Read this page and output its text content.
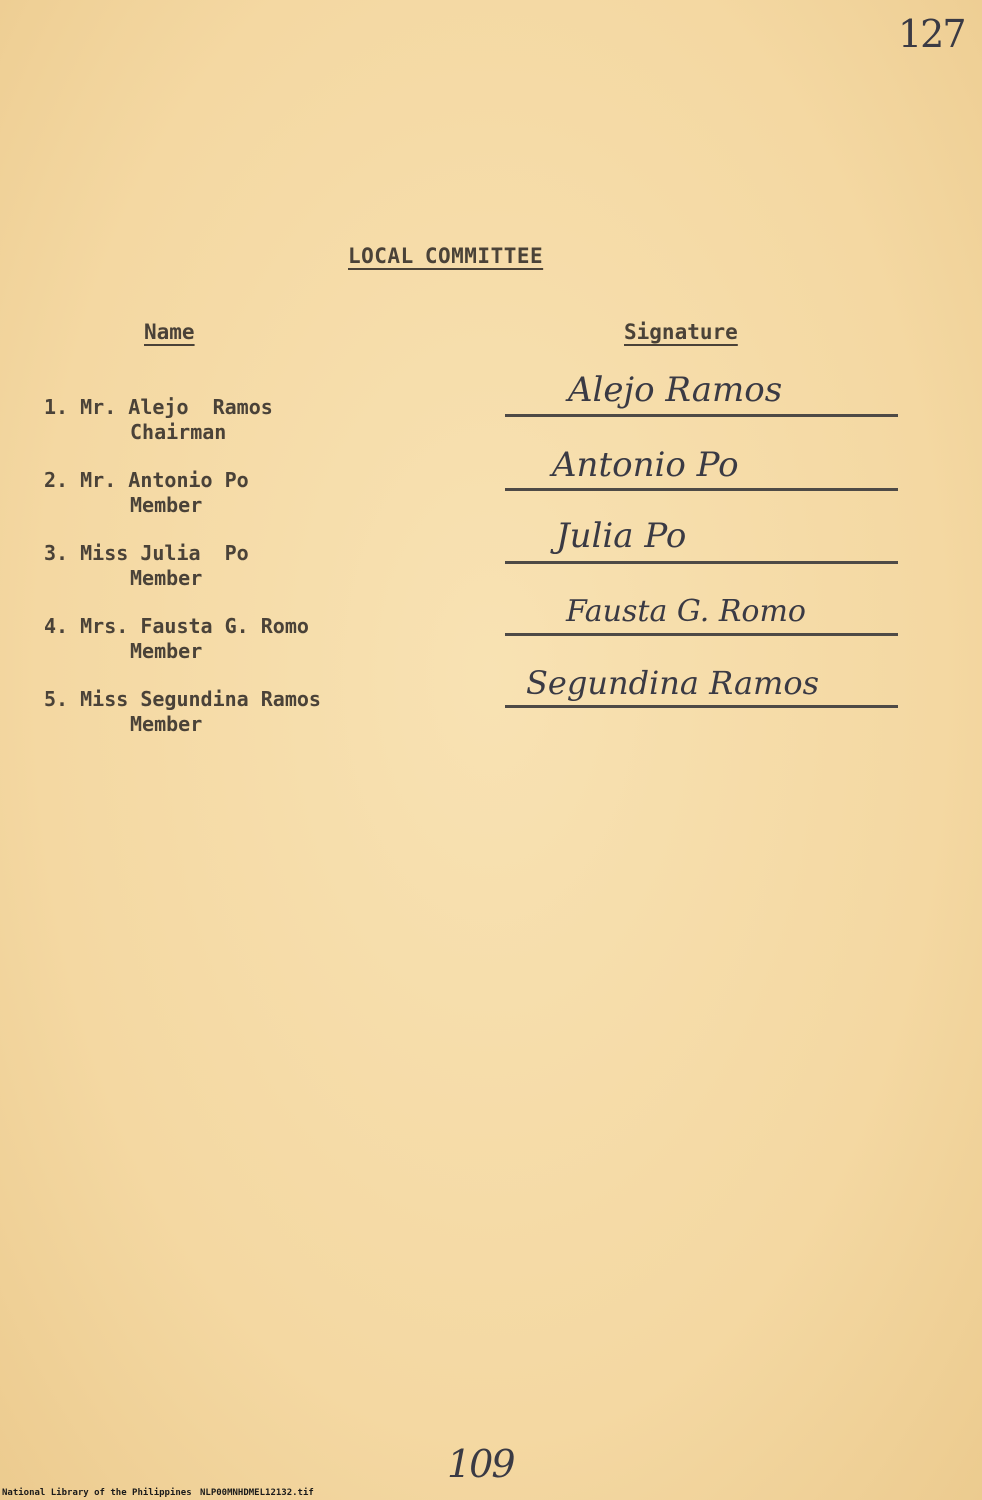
127
LOCAL COMMITTEE
Name	Signature
1. Mr. Alejo  Ramos
Chairman
Alejo Ramos
2. Mr. Antonio Po
Member
Antonio Po
3. Miss Julia  Po
Member
Julia Po
4. Mrs. Fausta G. Romo
Member
Fausta G. Romo
5. Miss Segundina Ramos
Member
Segundina Ramos
109
National Library of the Philippines NLP00MNHDMEL12132.tif
